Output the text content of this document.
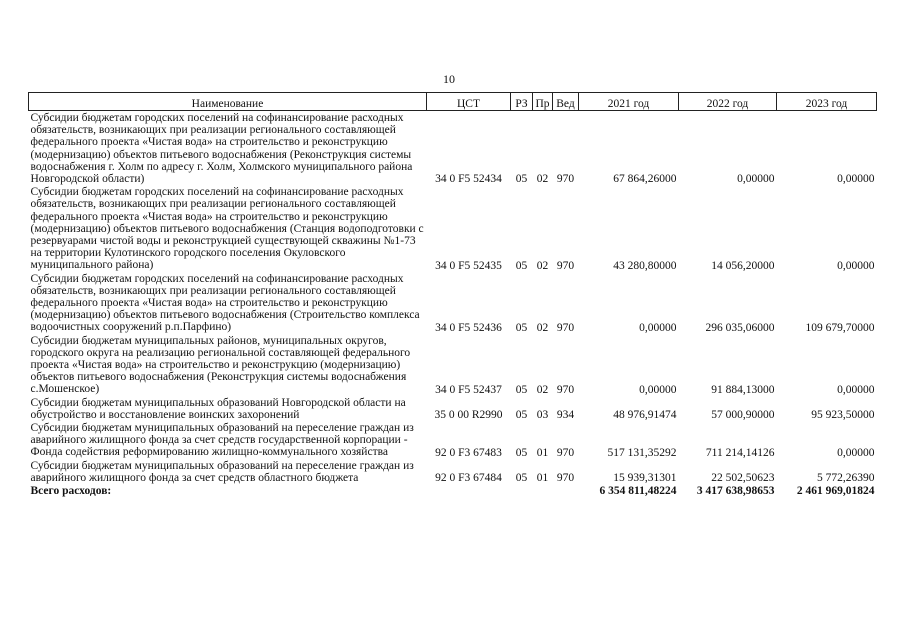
10
Наименование	ЦСТ	РЗ	Пр	Вед	2021 год	2022 год	2023 год
Субсидии бюджетам городских поселений на софинансирование расходных обязательств, возникающих при реализации регионального составляющей федерального проекта «Чистая вода» на строительство и реконструкцию (модернизацию) объектов питьевого водоснабжения (Реконструкция системы водоснабжения г. Холм по адресу г. Холм, Холмского муниципального района Новгородской области)	34 0 F5 52434	05	02	970	67 864,26000	0,00000	0,00000
Субсидии бюджетам городских поселений на софинансирование расходных обязательств, возникающих при реализации регионального составляющей федерального проекта «Чистая вода» на строительство и реконструкцию (модернизацию) объектов питьевого водоснабжения (Станция водоподготовки с резервуарами чистой воды и реконструкцией существующей скважины №1-73 на территории Кулотинского городского поселения Окуловского муниципального района)	34 0 F5 52435	05	02	970	43 280,80000	14 056,20000	0,00000
Субсидии бюджетам городских поселений на софинансирование расходных обязательств, возникающих при реализации регионального составляющей федерального проекта «Чистая вода» на строительство и реконструкцию (модернизацию) объектов питьевого водоснабжения (Строительство комплекса водоочистных сооружений р.п.Парфино)	34 0 F5 52436	05	02	970	0,00000	296 035,06000	109 679,70000
Субсидии бюджетам муниципальных районов, муниципальных округов, городского округа на реализацию региональной составляющей федерального проекта «Чистая вода» на строительство и реконструкцию (модернизацию) объектов питьевого водоснабжения (Реконструкция системы водоснабжения с.Мошенское)	34 0 F5 52437	05	02	970	0,00000	91 884,13000	0,00000
Субсидии бюджетам муниципальных образований Новгородской области на обустройство и восстановление воинских захоронений	35 0 00 R2990	05	03	934	48 976,91474	57 000,90000	95 923,50000
Субсидии бюджетам муниципальных образований на переселение граждан из аварийного жилищного фонда за счет средств государственной корпорации - Фонда содействия реформированию жилищно-коммунального хозяйства	92 0 F3 67483	05	01	970	517 131,35292	711 214,14126	0,00000
Субсидии бюджетам муниципальных образований на переселение граждан из аварийного жилищного фонда за счет средств областного бюджета	92 0 F3 67484	05	01	970	15 939,31301	22 502,50623	5 772,26390
Всего расходов:					6 354 811,48224	3 417 638,98653	2 461 969,01824
